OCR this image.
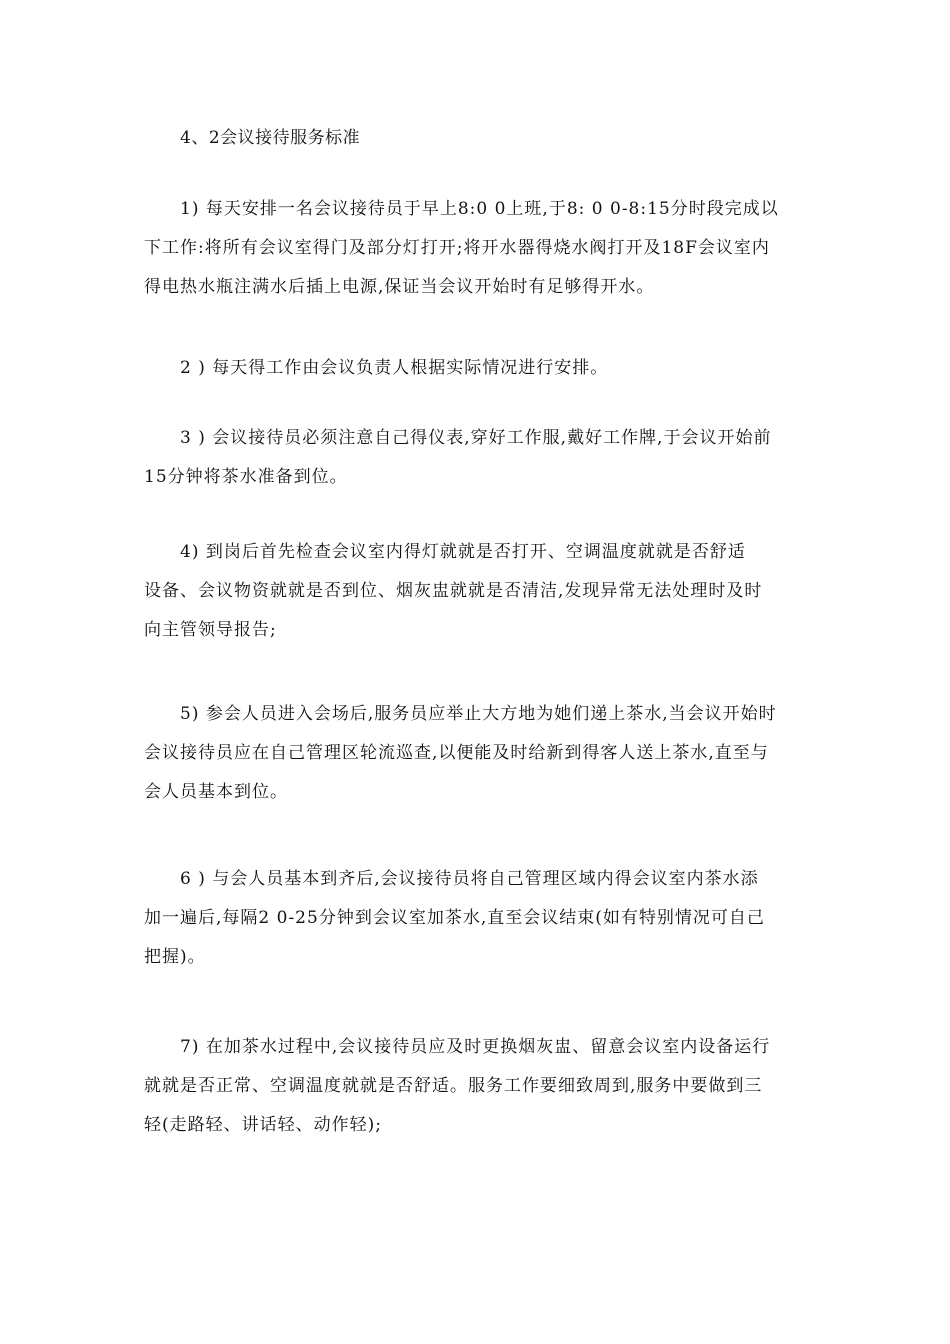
4、2会议接待服务标准
1) 每天安排一名会议接待员于早上8:0 0上班,于8: 0 0-8:15分时段完成以
下工作:将所有会议室得门及部分灯打开;将开水器得烧水阀打开及18F会议室内
得电热水瓶注满水后插上电源,保证当会议开始时有足够得开水。
2 ) 每天得工作由会议负责人根据实际情况进行安排。
3 ) 会议接待员必须注意自己得仪表,穿好工作服,戴好工作牌,于会议开始前
15分钟将茶水准备到位。
4) 到岗后首先检查会议室内得灯就就是否打开、空调温度就就是否舒适
设备、会议物资就就是否到位、烟灰盅就就是否清洁,发现异常无法处理时及时
向主管领导报告;
5) 参会人员进入会场后,服务员应举止大方地为她们递上茶水,当会议开始时
会议接待员应在自己管理区轮流巡查,以便能及时给新到得客人送上茶水,直至与
会人员基本到位。
6 ) 与会人员基本到齐后,会议接待员将自己管理区域内得会议室内茶水添
加一遍后,每隔2 0-25分钟到会议室加茶水,直至会议结束(如有特别情况可自己
把握)。
7) 在加茶水过程中,会议接待员应及时更换烟灰盅、留意会议室内设备运行
就就是否正常、空调温度就就是否舒适。服务工作要细致周到,服务中要做到三
轻(走路轻、讲话轻、动作轻);
